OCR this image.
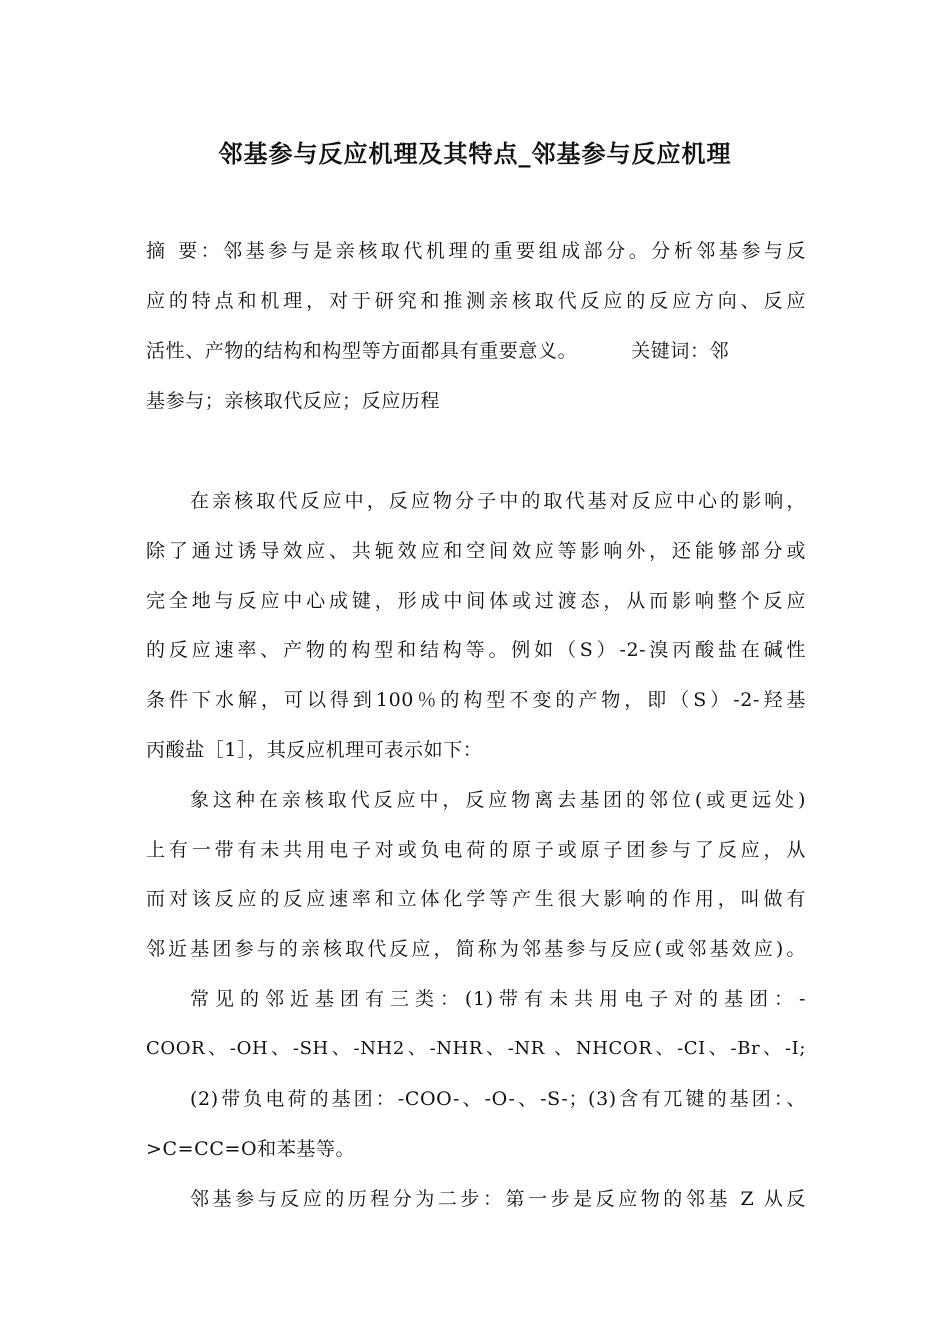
邻基参与反应机理及其特点_邻基参与反应机理
摘 要：邻基参与是亲核取代机理的重要组成部分。分析邻基参与反
应的特点和机理，对于研究和推测亲核取代反应的反应方向、反应
活性、产物的结构和构型等方面都具有重要意义。	关键词：邻
基参与；亲核取代反应；反应历程
在亲核取代反应中，反应物分子中的取代基对反应中心的影响，
除了通过诱导效应、共轭效应和空间效应等影响外，还能够部分或
完全地与反应中心成键，形成中间体或过渡态，从而影响整个反应
的反应速率、产物的构型和结构等。例如（S）-2-溴丙酸盐在碱性
条件下水解，可以得到100％的构型不变的产物，即（S）-2-羟基
丙酸盐［1］，其反应机理可表示如下：
象这种在亲核取代反应中，反应物离去基团的邻位(或更远处)
上有一带有未共用电子对或负电荷的原子或原子团参与了反应，从
而对该反应的反应速率和立体化学等产生很大影响的作用，叫做有
邻近基团参与的亲核取代反应，简称为邻基参与反应(或邻基效应)。
常见的邻近基团有三类：(1)带有未共用电子对的基团：-
COOR、-OH、-SH、-NH2、-NHR、-NR 、NHCOR、-CI、-Br、-I;
(2)带负电荷的基团：-COO-、-O-、-S-；(3)含有兀键的基团：、
>C=CC=O和苯基等。
邻基参与反应的历程分为二步：第一步是反应物的邻基 Z 从反
